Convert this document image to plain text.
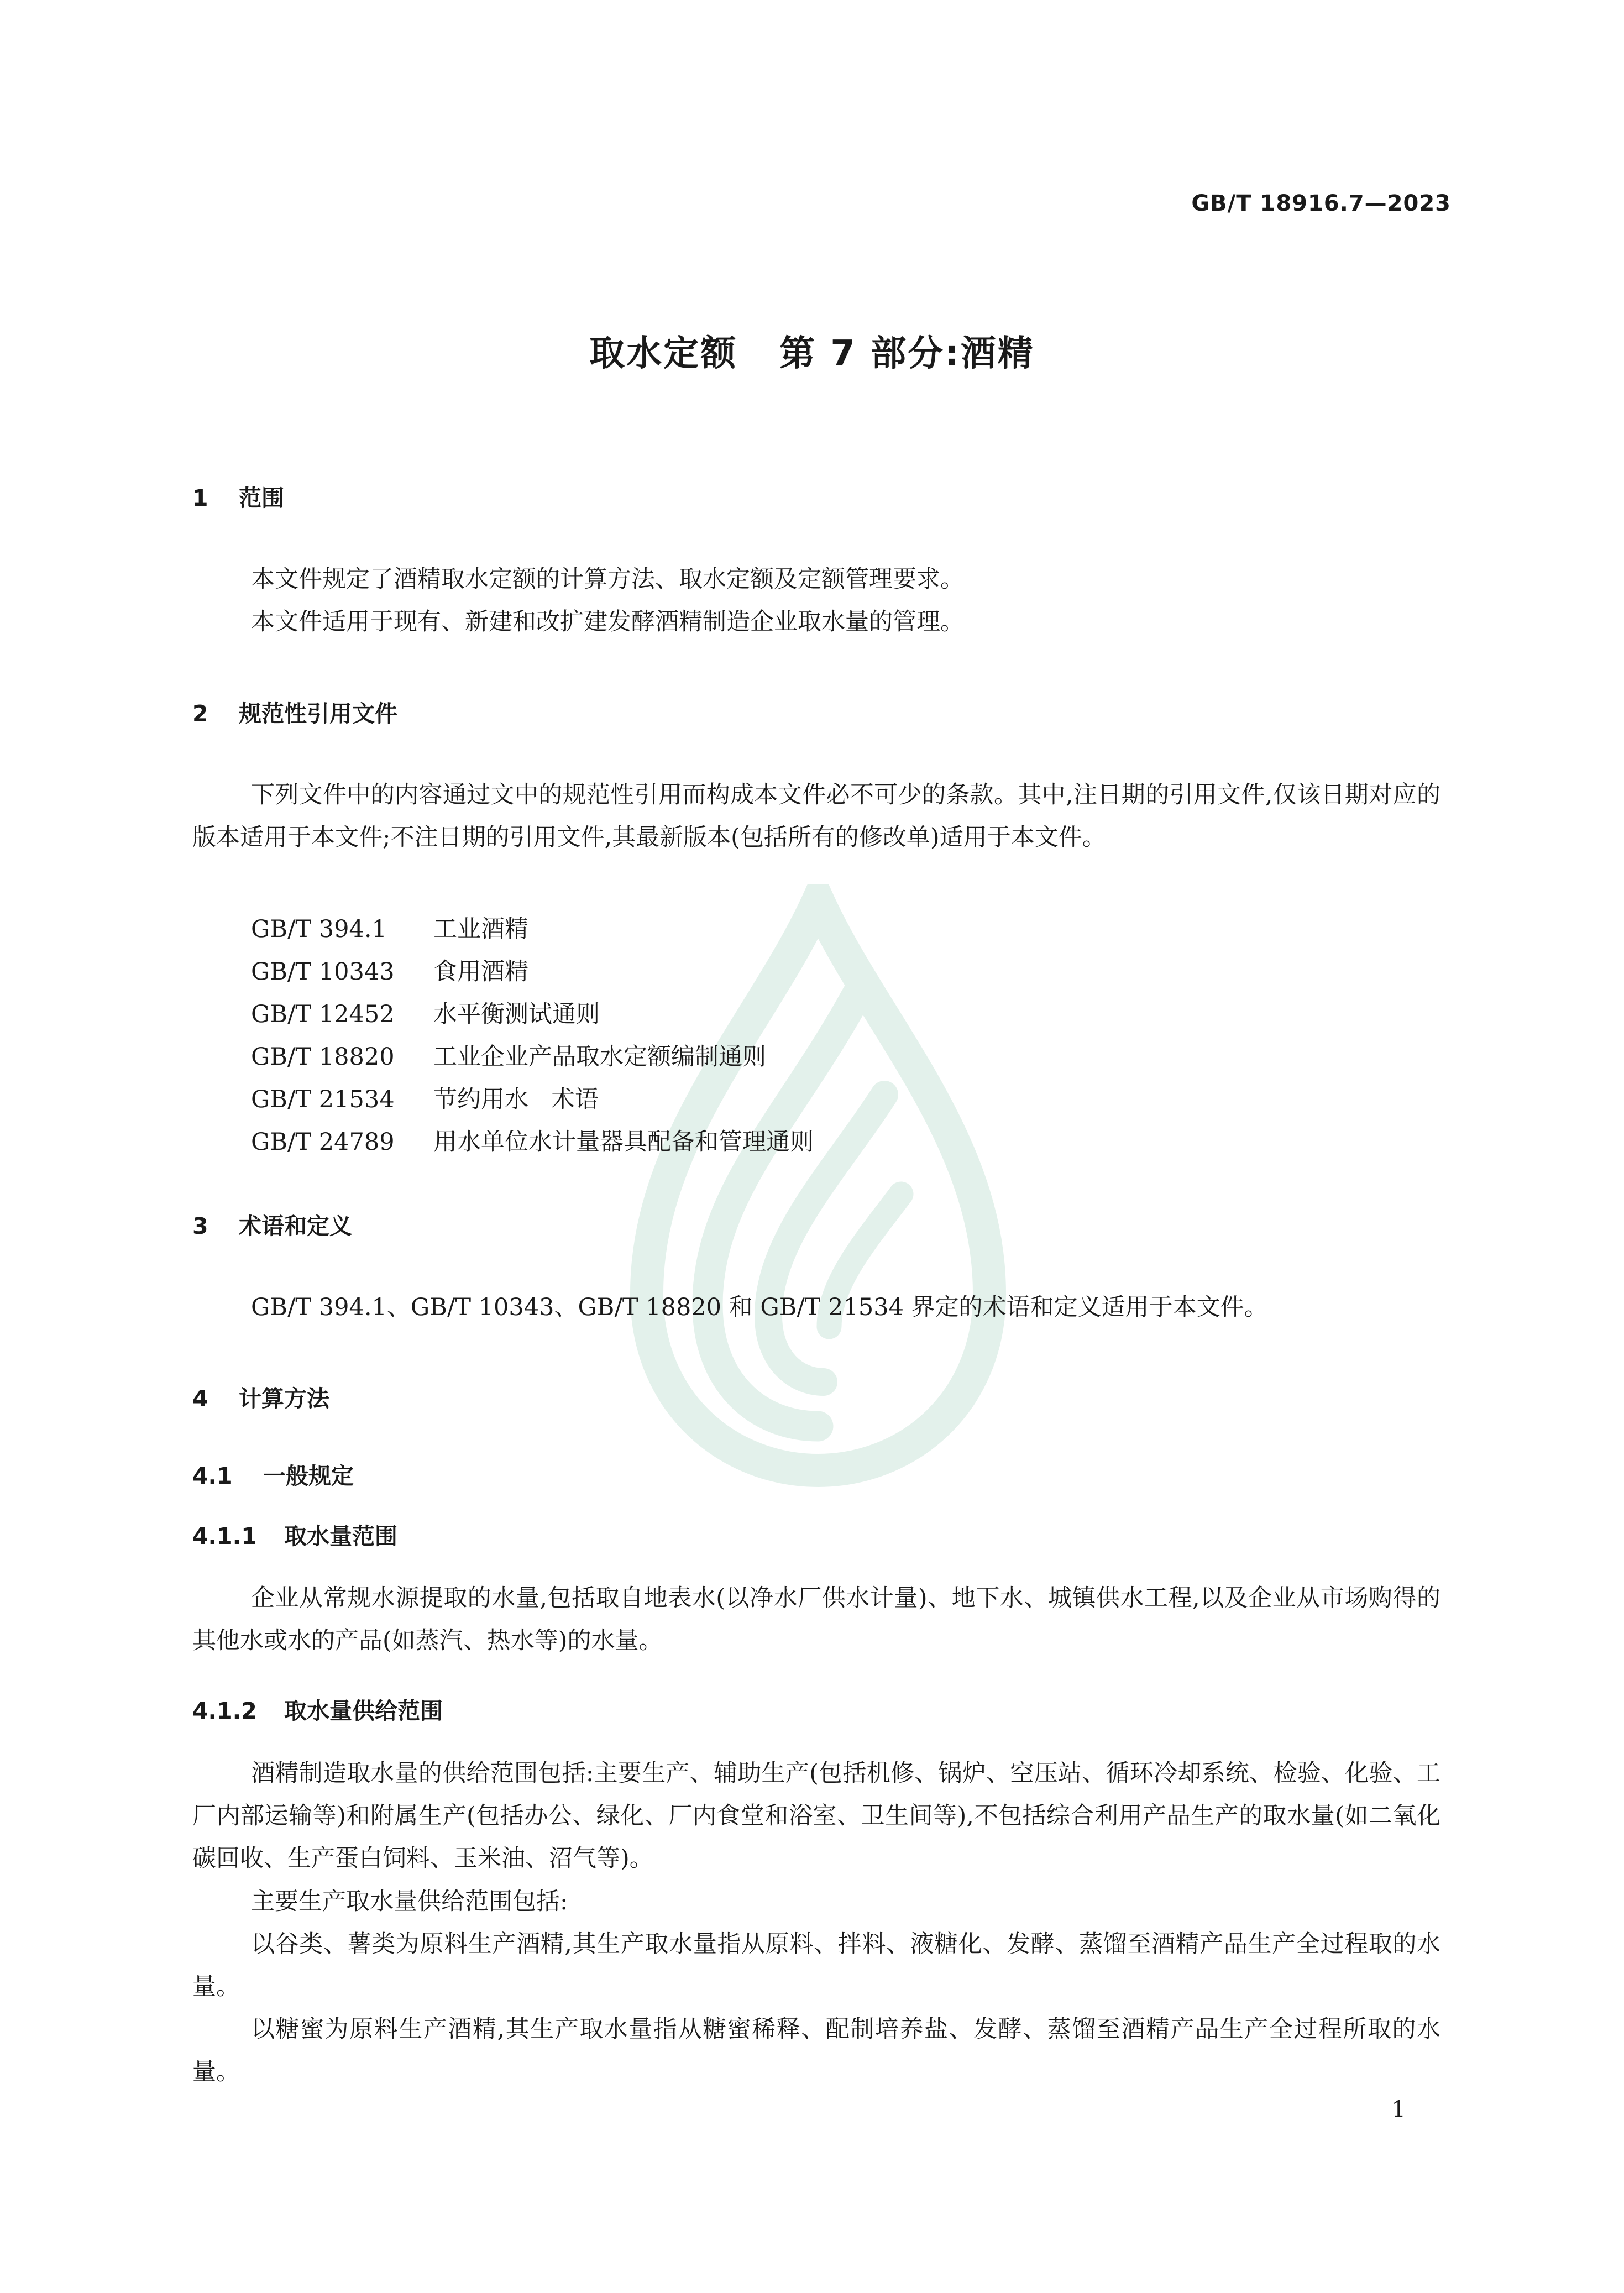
GB/T 18916.7—2023
取水定额   第 7 部分:酒精
1 范围
本文件规定了酒精取水定额的计算方法、取水定额及定额管理要求。
本文件适用于现有、新建和改扩建发酵酒精制造企业取水量的管理。
2 规范性引用文件
下列文件中的内容通过文中的规范性引用而构成本文件必不可少的条款。其中,注日期的引用文件,仅该日期对应的版本适用于本文件;不注日期的引用文件,其最新版本(包括所有的修改单)适用于本文件。
GB/T 394.1 工业酒精
GB/T 10343 食用酒精
GB/T 12452 水平衡测试通则
GB/T 18820 工业企业产品取水定额编制通则
GB/T 21534 节约用水   术语
GB/T 24789 用水单位水计量器具配备和管理通则
3 术语和定义
GB/T 394.1、GB/T 10343、GB/T 18820 和 GB/T 21534 界定的术语和定义适用于本文件。
4 计算方法
4.1 一般规定
4.1.1 取水量范围
企业从常规水源提取的水量,包括取自地表水(以净水厂供水计量)、地下水、城镇供水工程,以及企业从市场购得的其他水或水的产品(如蒸汽、热水等)的水量。
4.1.2 取水量供给范围
酒精制造取水量的供给范围包括:主要生产、辅助生产(包括机修、锅炉、空压站、循环冷却系统、检验、化验、工厂内部运输等)和附属生产(包括办公、绿化、厂内食堂和浴室、卫生间等),不包括综合利用产品生产的取水量(如二氧化碳回收、生产蛋白饲料、玉米油、沼气等)。
主要生产取水量供给范围包括:
以谷类、薯类为原料生产酒精,其生产取水量指从原料、拌料、液糖化、发酵、蒸馏至酒精产品生产全过程取的水量。
以糖蜜为原料生产酒精,其生产取水量指从糖蜜稀释、配制培养盐、发酵、蒸馏至酒精产品生产全过程所取的水量。
1
